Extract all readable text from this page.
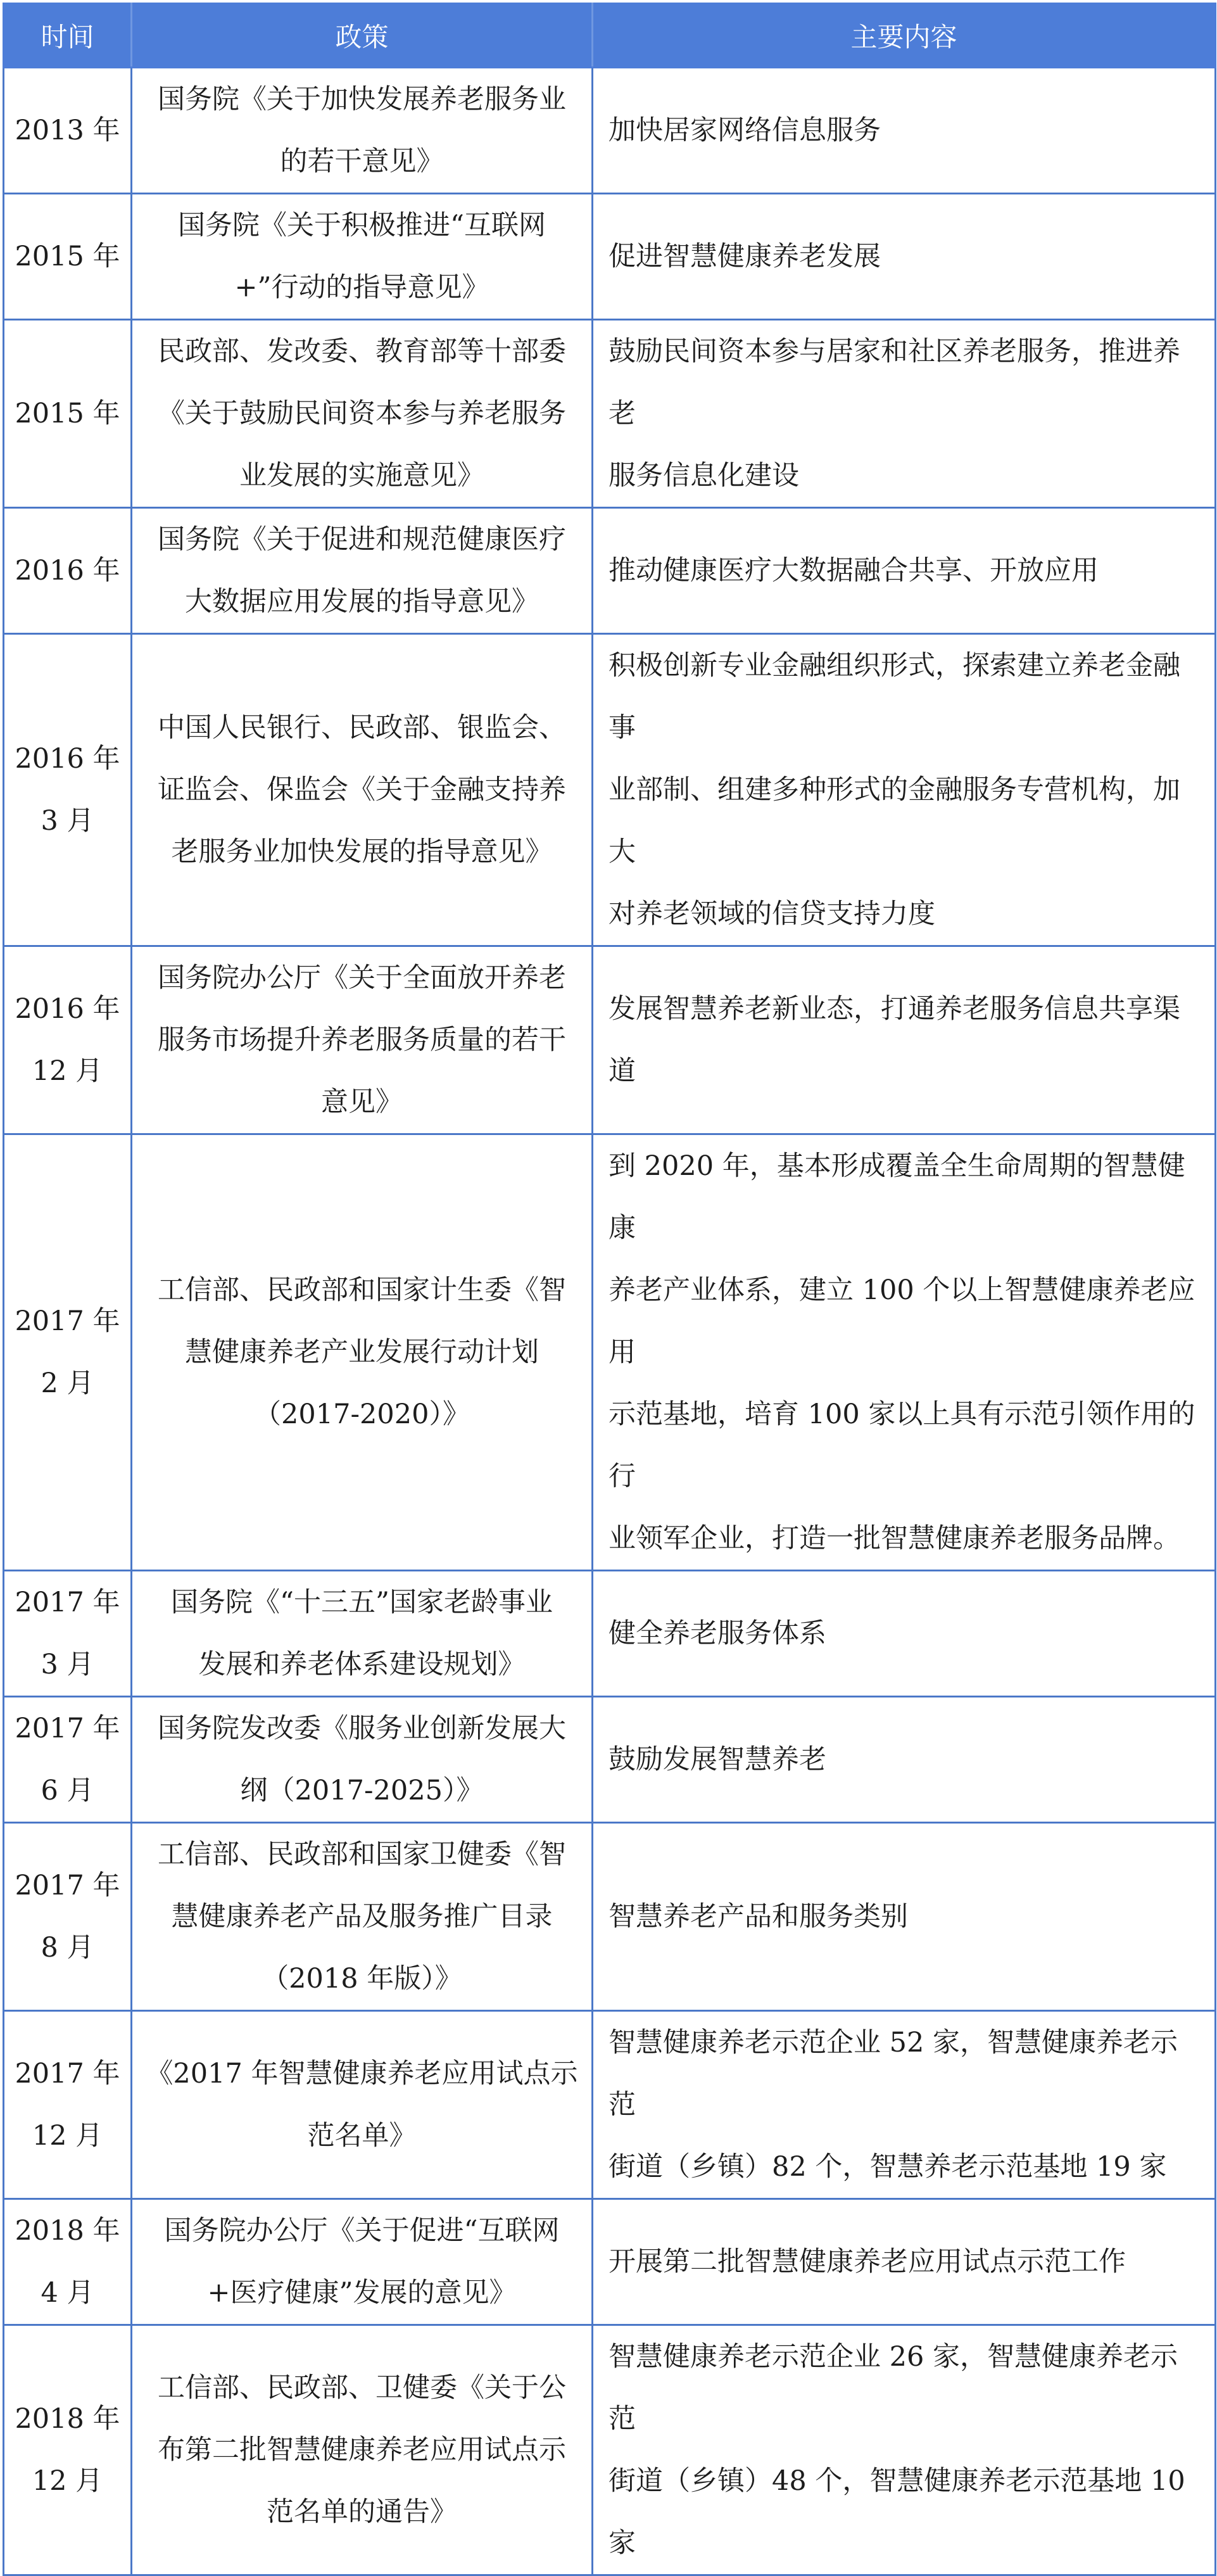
时间	政策	主要内容

2013 年	国务院《关于加快发展养老服务业
的若干意见》	加快居家网络信息服务

2015 年	国务院《关于积极推进“互联网
+”行动的指导意见》	促进智慧健康养老发展

2015 年	民政部、发改委、教育部等十部委
《关于鼓励民间资本参与养老服务
业发展的实施意见》	鼓励民间资本参与居家和社区养老服务，推进养老
服务信息化建设

2016 年	国务院《关于促进和规范健康医疗
大数据应用发展的指导意见》	推动健康医疗大数据融合共享、开放应用

2016 年
3 月	中国人民银行、民政部、银监会、
证监会、保监会《关于金融支持养
老服务业加快发展的指导意见》	积极创新专业金融组织形式，探索建立养老金融事
业部制、组建多种形式的金融服务专营机构，加大
对养老领域的信贷支持力度

2016 年
12 月	国务院办公厅《关于全面放开养老
服务市场提升养老服务质量的若干
意见》	发展智慧养老新业态，打通养老服务信息共享渠道

2017 年
2 月	工信部、民政部和国家计生委《智
慧健康养老产业发展行动计划
（2017-2020）》	到 2020 年，基本形成覆盖全生命周期的智慧健康
养老产业体系，建立 100 个以上智慧健康养老应用
示范基地，培育 100 家以上具有示范引领作用的行
业领军企业，打造一批智慧健康养老服务品牌。

2017 年
3 月	国务院《“十三五”国家老龄事业
发展和养老体系建设规划》	健全养老服务体系

2017 年
6 月	国务院发改委《服务业创新发展大
纲（2017-2025）》	鼓励发展智慧养老

2017 年
8 月	工信部、民政部和国家卫健委《智
慧健康养老产品及服务推广目录
（2018 年版）》	智慧养老产品和服务类别

2017 年
12 月	《2017 年智慧健康养老应用试点示
范名单》	智慧健康养老示范企业 52 家，智慧健康养老示范
街道（乡镇）82 个，智慧养老示范基地 19 家

2018 年
4 月	国务院办公厅《关于促进“互联网
+医疗健康”发展的意见》	开展第二批智慧健康养老应用试点示范工作

2018 年
12 月	工信部、民政部、卫健委《关于公
布第二批智慧健康养老应用试点示
范名单的通告》	智慧健康养老示范企业 26 家，智慧健康养老示范
街道（乡镇）48 个，智慧健康养老示范基地 10 家
